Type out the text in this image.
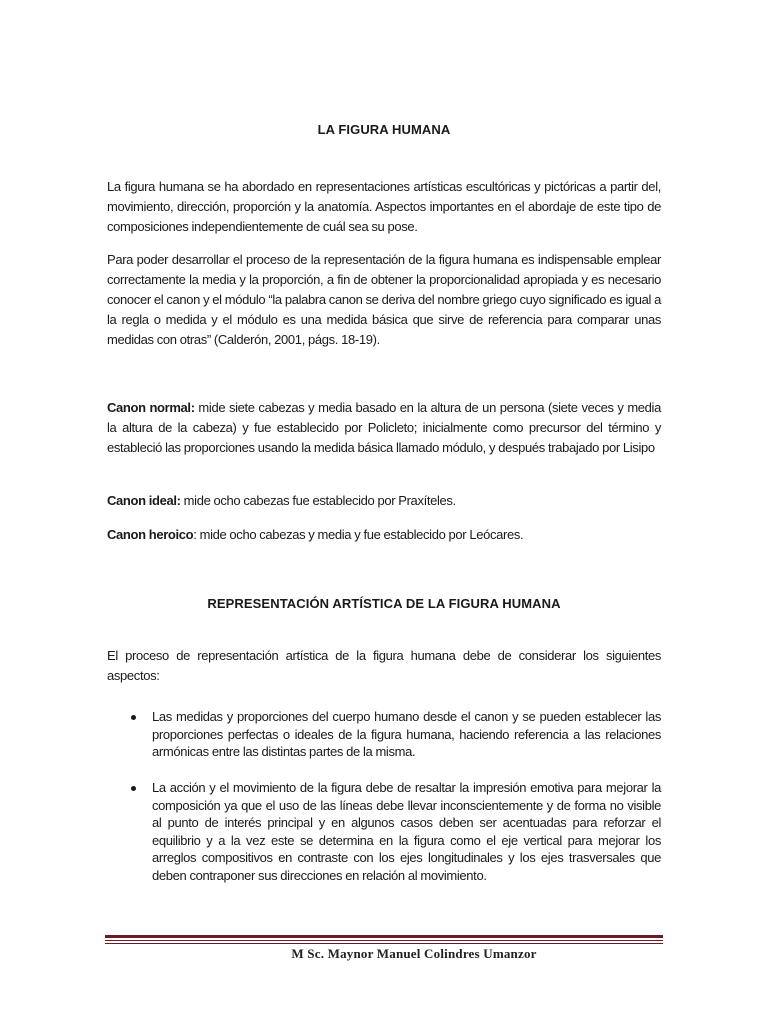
LA FIGURA HUMANA

La figura humana se ha abordado en representaciones artísticas escultóricas y pictóricas a partir del, movimiento, dirección, proporción y la anatomía. Aspectos importantes en el abordaje de este tipo de composiciones independientemente de cuál sea su pose.

Para poder desarrollar el proceso de la representación de la figura humana es indispensable emplear correctamente la media y la proporción, a fin de obtener la proporcionalidad apropiada y es necesario conocer el canon y el módulo “la palabra canon se deriva del nombre griego cuyo significado es igual a la regla o medida y el módulo es una medida básica que sirve de referencia para comparar unas medidas con otras” (Calderón, 2001, págs. 18-19).

Canon normal: mide siete cabezas y media basado en la altura de un persona (siete veces y media la altura de la cabeza) y fue establecido por Policleto; inicialmente como precursor del término y estableció las proporciones usando la medida básica llamado módulo, y después trabajado por Lisipo

Canon ideal: mide ocho cabezas fue establecido por Praxíteles.

Canon heroico: mide ocho cabezas y media y fue establecido por Leócares.

REPRESENTACIÓN ARTÍSTICA DE LA FIGURA HUMANA

El proceso de representación artística de la figura humana debe de considerar los siguientes aspectos:

Las medidas y proporciones del cuerpo humano desde el canon y se pueden establecer las proporciones perfectas o ideales de la figura humana, haciendo referencia a las relaciones armónicas entre las distintas partes de la misma.
La acción y el movimiento de la figura debe de resaltar la impresión emotiva para mejorar la composición ya que el uso de las líneas debe llevar inconscientemente y de forma no visible al punto de interés principal y en algunos casos deben ser acentuadas para reforzar el equilibrio y a la vez este se determina en la figura como el eje vertical para mejorar los arreglos compositivos en contraste con los ejes longitudinales y los ejes trasversales que deben contraponer sus direcciones en relación al movimiento.
M Sc. Maynor Manuel Colindres Umanzor
